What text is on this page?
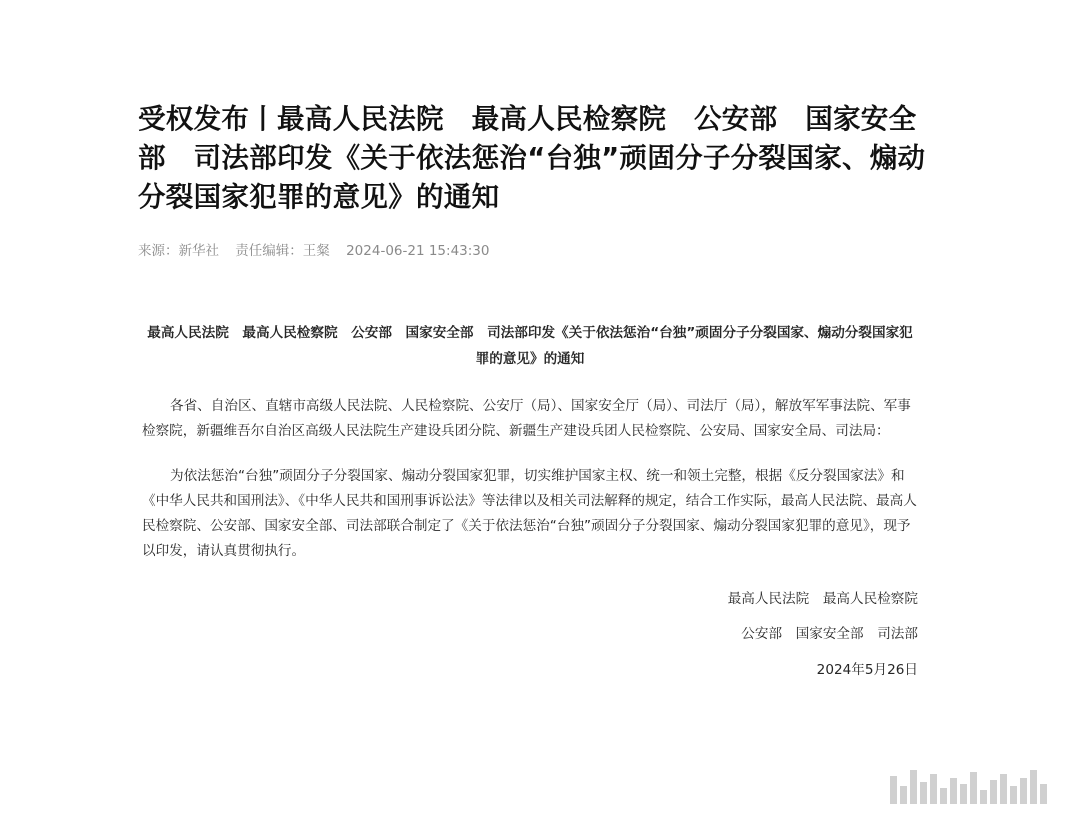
受权发布丨最高人民法院　最高人民检察院　公安部　国家安全部　司法部印发《关于依法惩治“台独”顽固分子分裂国家、煽动分裂国家犯罪的意见》的通知
来源：新华社 责任编辑：王粲 2024-06-21 15:43:30

最高人民法院　最高人民检察院　公安部　国家安全部　司法部印发《关于依法惩治“台独”顽固分子分裂国家、煽动分裂国家犯罪的意见》的通知

各省、自治区、直辖市高级人民法院、人民检察院、公安厅（局）、国家安全厅（局）、司法厅（局），解放军军事法院、军事检察院，新疆维吾尔自治区高级人民法院生产建设兵团分院、新疆生产建设兵团人民检察院、公安局、国家安全局、司法局：

为依法惩治“台独”顽固分子分裂国家、煽动分裂国家犯罪，切实维护国家主权、统一和领土完整，根据《反分裂国家法》和《中华人民共和国刑法》、《中华人民共和国刑事诉讼法》等法律以及相关司法解释的规定，结合工作实际，最高人民法院、最高人民检察院、公安部、国家安全部、司法部联合制定了《关于依法惩治“台独”顽固分子分裂国家、煽动分裂国家犯罪的意见》，现予以印发，请认真贯彻执行。

最高人民法院　最高人民检察院

公安部　国家安全部　司法部

2024年5月26日
